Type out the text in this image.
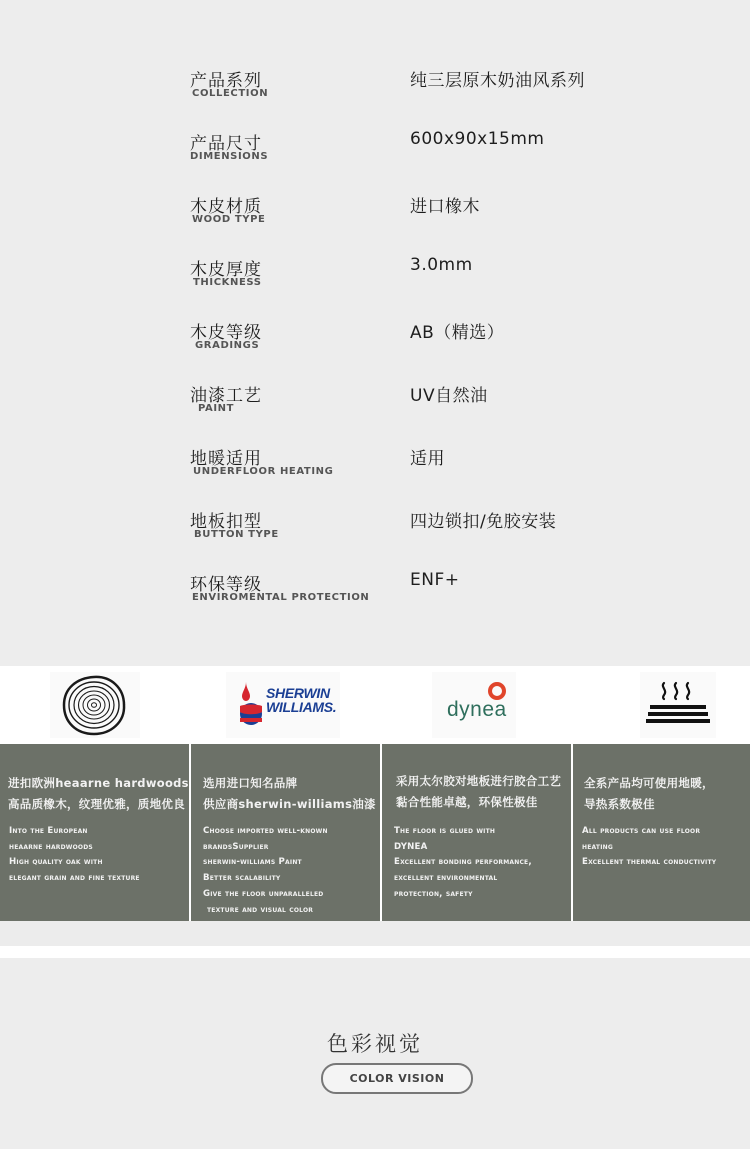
产品系列
COLLECTION
纯三层原木奶油风系列
产品尺寸
DIMENSIONS
600x90x15mm
木皮材质
WOOD TYPE
进口橡木
木皮厚度
THICKNESS
3.0mm
木皮等级
GRADINGS
AB（精选）
油漆工艺
PAINT
UV自然油
地暖适用
UNDERFLOOR HEATING
适用
地板扣型
BUTTON TYPE
四边锁扣/免胶安装
环保等级
ENVIROMENTAL PROTECTION
ENF+
SHERWIN
WILLIAMS.	dynea
进扣欧洲heaarne hardwoods
高品质橡木，纹理优雅，质地优良
Into the European
heaarne hardwoods
High quality oak with
elegant grain and fine texture
选用进口知名品牌
供应商sherwin-williams油漆
Choose imported well-known
brandsSupplier
sherwin-williams Paint
Better scalability
Give the floor unparalleled
texture and visual color
采用太尔胶对地板进行胶合工艺
黏合性能卓越，环保性极佳
The floor is glued with
DYNEA
Excellent bonding performance,
excellent environmental
protection, safety
全系产品均可使用地暖，
导热系数极佳
All products can use floor
heating
Excellent thermal conductivity
色彩视觉
COLOR VISION
